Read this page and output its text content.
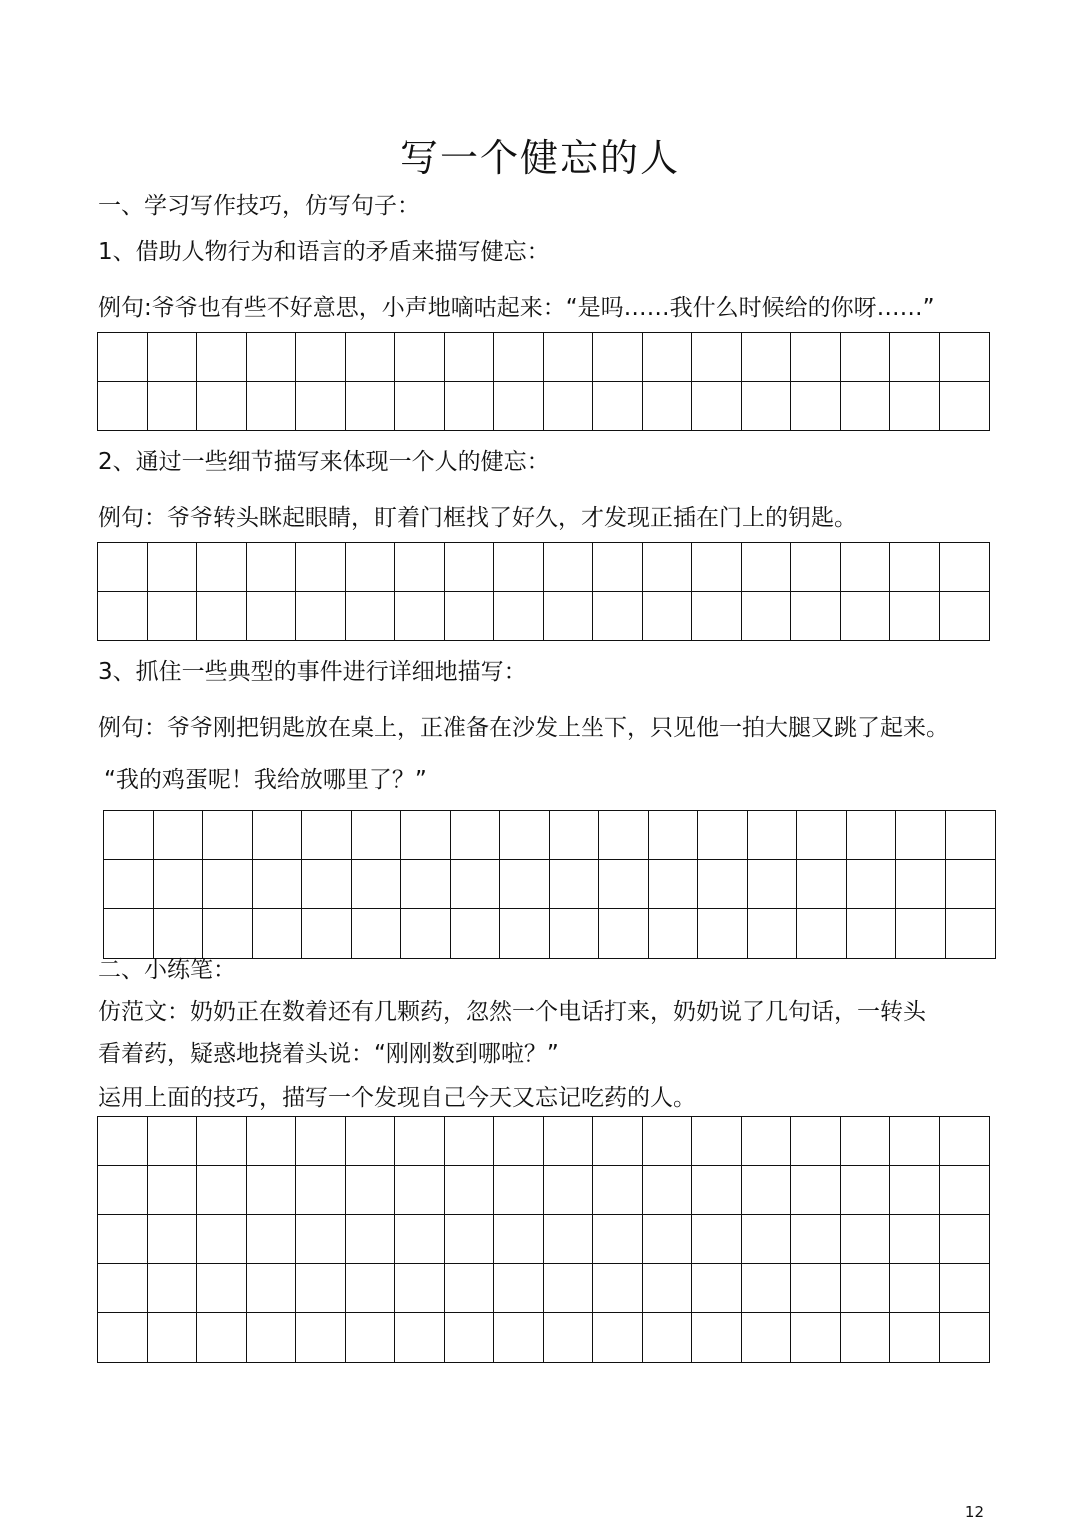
写一个健忘的人

一、学习写作技巧，仿写句子：

1、借助人物行为和语言的矛盾来描写健忘：

例句:爷爷也有些不好意思，小声地嘀咕起来：“是吗……我什么时候给的你呀……”

2、通过一些细节描写来体现一个人的健忘：

例句：爷爷转头眯起眼睛，盯着门框找了好久，才发现正插在门上的钥匙。

3、抓住一些典型的事件进行详细地描写：

例句：爷爷刚把钥匙放在桌上，正准备在沙发上坐下，只见他一拍大腿又跳了起来。

“我的鸡蛋呢！我给放哪里了？”

二、小练笔：

仿范文：奶奶正在数着还有几颗药，忽然一个电话打来，奶奶说了几句话，一转头

看着药，疑惑地挠着头说：“刚刚数到哪啦？”

运用上面的技巧，描写一个发现自己今天又忘记吃药的人。

12
